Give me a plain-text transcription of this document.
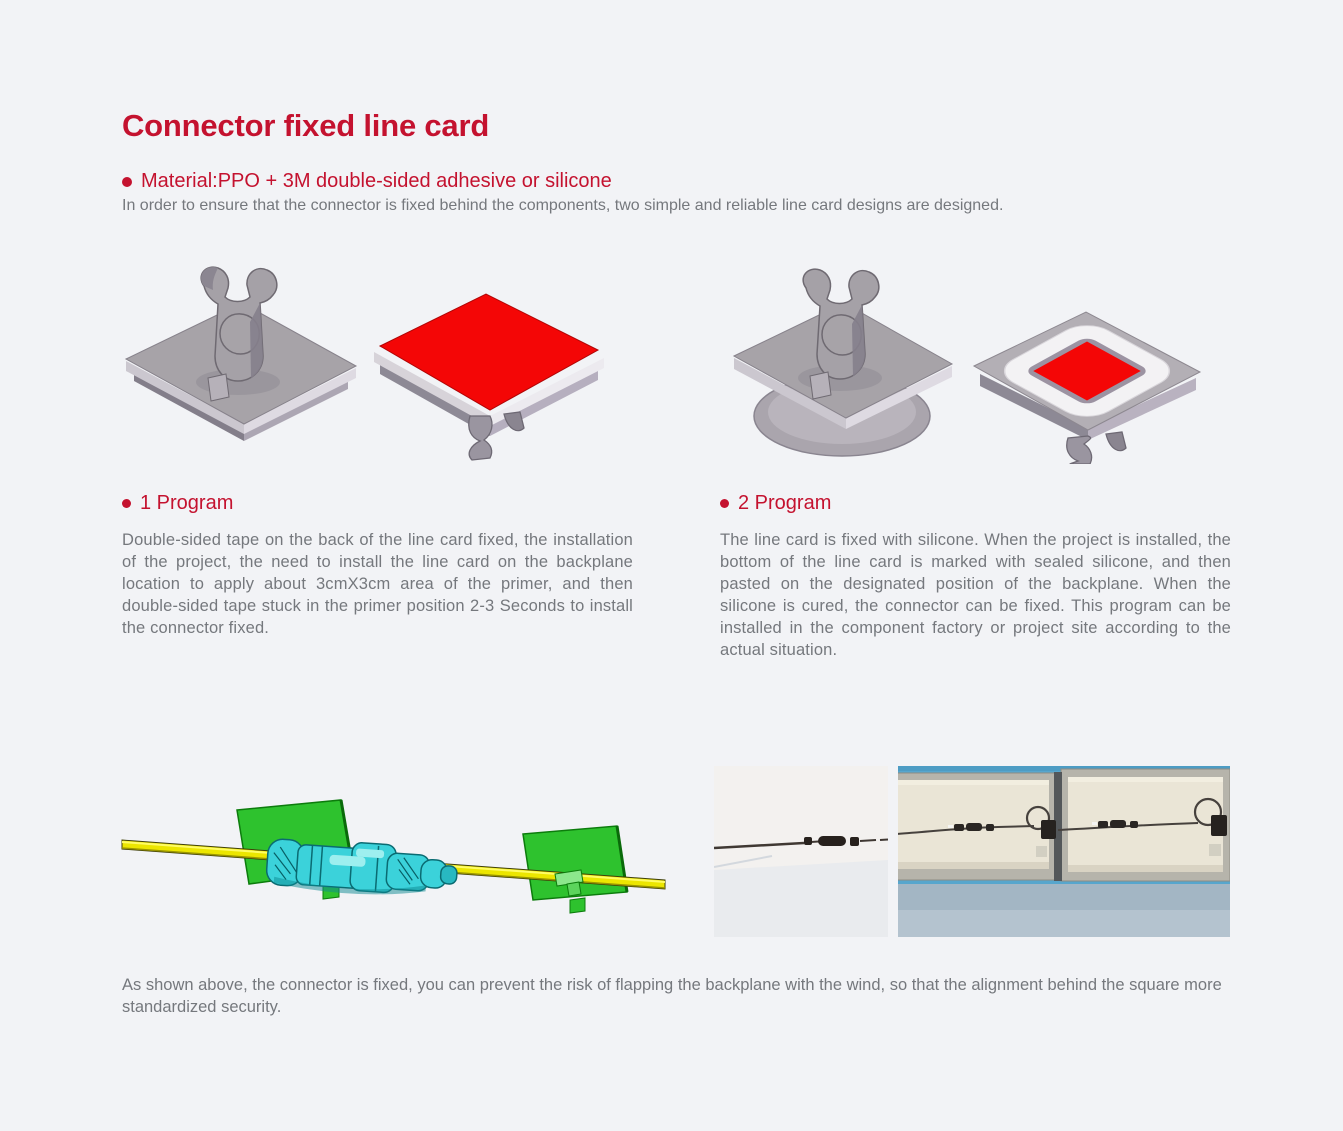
Connector fixed line card
Material:PPO + 3M double-sided adhesive or silicone

In order to ensure that the connector is fixed behind the components, two simple and reliable line card designs are designed.

1 Program

Double-sided tape on the back of the line card fixed, the installation of the project, the need to install the line card on the backplane location to apply about 3cmX3cm area of the primer, and then double-sided tape stuck in the primer position 2-3 Seconds to install the connector fixed.

2 Program

The line card is fixed with silicone. When the project is installed, the bottom of the line card is marked with sealed silicone, and then pasted on the designated position of the backplane. When the silicone is cured, the connector can be fixed. This program can be installed in the component factory or project site according to the actual situation.

As shown above, the connector is fixed, you can prevent the risk of flapping the backplane with the wind, so that the alignment behind the square more standardized security.
